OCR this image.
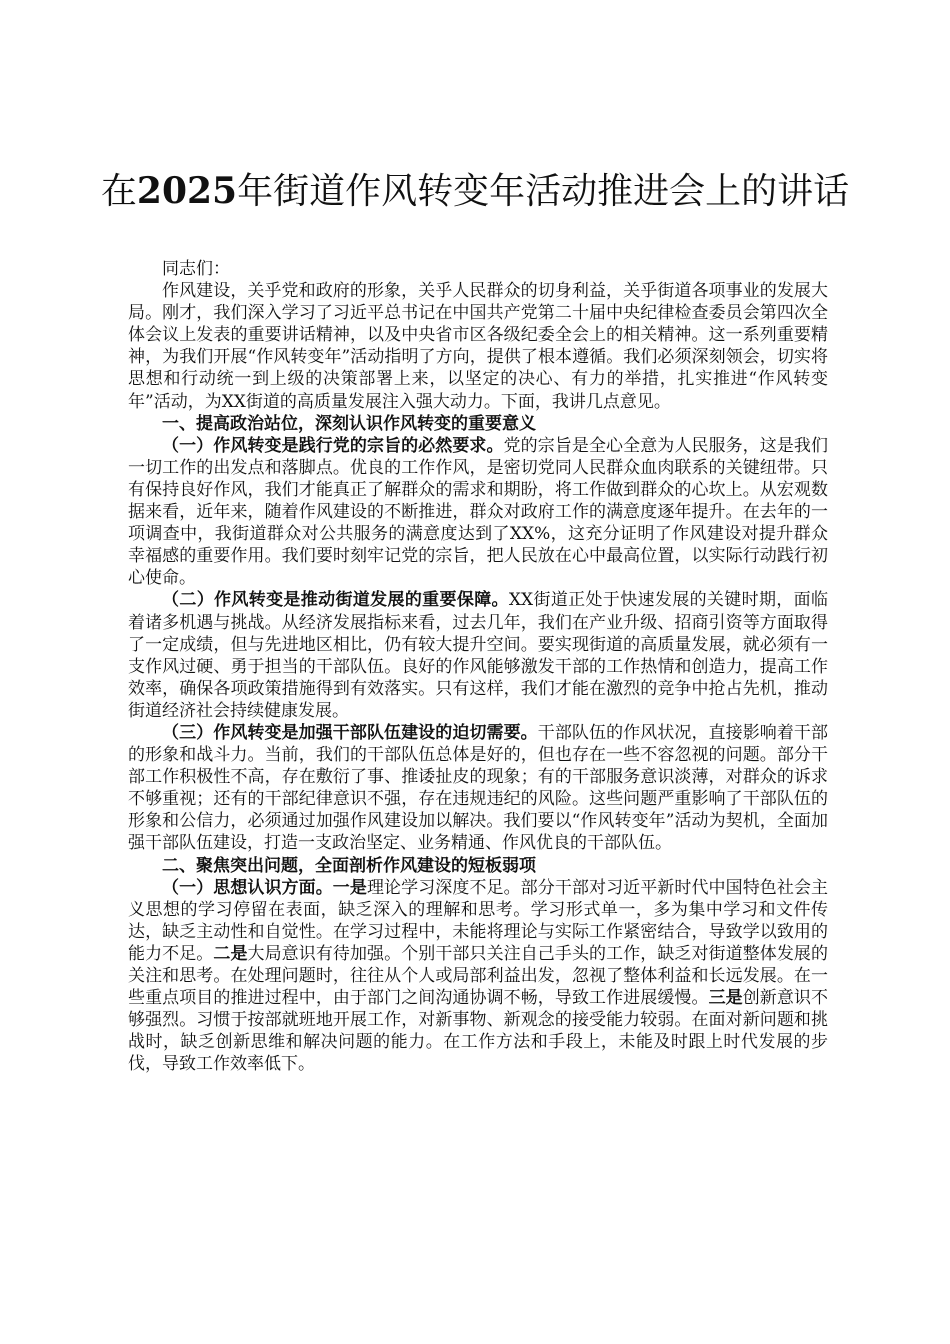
在2025年街道作风转变年活动推进会上的讲话

同志们：

作风建设，关乎党和政府的形象，关乎人民群众的切身利益，关乎街道各项事业的发展大局。刚才，我们深入学习了习近平总书记在中国共产党第二十届中央纪律检查委员会第四次全体会议上发表的重要讲话精神，以及中央省市区各级纪委全会上的相关精神。这一系列重要精神，为我们开展“作风转变年”活动指明了方向，提供了根本遵循。我们必须深刻领会，切实将思想和行动统一到上级的决策部署上来，以坚定的决心、有力的举措，扎实推进“作风转变年”活动，为XX街道的高质量发展注入强大动力。下面，我讲几点意见。

一、提高政治站位，深刻认识作风转变的重要意义

（一）作风转变是践行党的宗旨的必然要求。党的宗旨是全心全意为人民服务，这是我们一切工作的出发点和落脚点。优良的工作作风，是密切党同人民群众血肉联系的关键纽带。只有保持良好作风，我们才能真正了解群众的需求和期盼，将工作做到群众的心坎上。从宏观数据来看，近年来，随着作风建设的不断推进，群众对政府工作的满意度逐年提升。在去年的一项调查中，我街道群众对公共服务的满意度达到了XX%，这充分证明了作风建设对提升群众幸福感的重要作用。我们要时刻牢记党的宗旨，把人民放在心中最高位置，以实际行动践行初心使命。

（二）作风转变是推动街道发展的重要保障。XX街道正处于快速发展的关键时期，面临着诸多机遇与挑战。从经济发展指标来看，过去几年，我们在产业升级、招商引资等方面取得了一定成绩，但与先进地区相比，仍有较大提升空间。要实现街道的高质量发展，就必须有一支作风过硬、勇于担当的干部队伍。良好的作风能够激发干部的工作热情和创造力，提高工作效率，确保各项政策措施得到有效落实。只有这样，我们才能在激烈的竞争中抢占先机，推动街道经济社会持续健康发展。

（三）作风转变是加强干部队伍建设的迫切需要。干部队伍的作风状况，直接影响着干部的形象和战斗力。当前，我们的干部队伍总体是好的，但也存在一些不容忽视的问题。部分干部工作积极性不高，存在敷衍了事、推诿扯皮的现象；有的干部服务意识淡薄，对群众的诉求不够重视；还有的干部纪律意识不强，存在违规违纪的风险。这些问题严重影响了干部队伍的形象和公信力，必须通过加强作风建设加以解决。我们要以“作风转变年”活动为契机，全面加强干部队伍建设，打造一支政治坚定、业务精通、作风优良的干部队伍。

二、聚焦突出问题，全面剖析作风建设的短板弱项

（一）思想认识方面。一是理论学习深度不足。部分干部对习近平新时代中国特色社会主义思想的学习停留在表面，缺乏深入的理解和思考。学习形式单一，多为集中学习和文件传达，缺乏主动性和自觉性。在学习过程中，未能将理论与实际工作紧密结合，导致学以致用的能力不足。二是大局意识有待加强。个别干部只关注自己手头的工作，缺乏对街道整体发展的关注和思考。在处理问题时，往往从个人或局部利益出发，忽视了整体利益和长远发展。在一些重点项目的推进过程中，由于部门之间沟通协调不畅，导致工作进展缓慢。三是创新意识不够强烈。习惯于按部就班地开展工作，对新事物、新观念的接受能力较弱。在面对新问题和挑战时，缺乏创新思维和解决问题的能力。在工作方法和手段上，未能及时跟上时代发展的步伐，导致工作效率低下。
